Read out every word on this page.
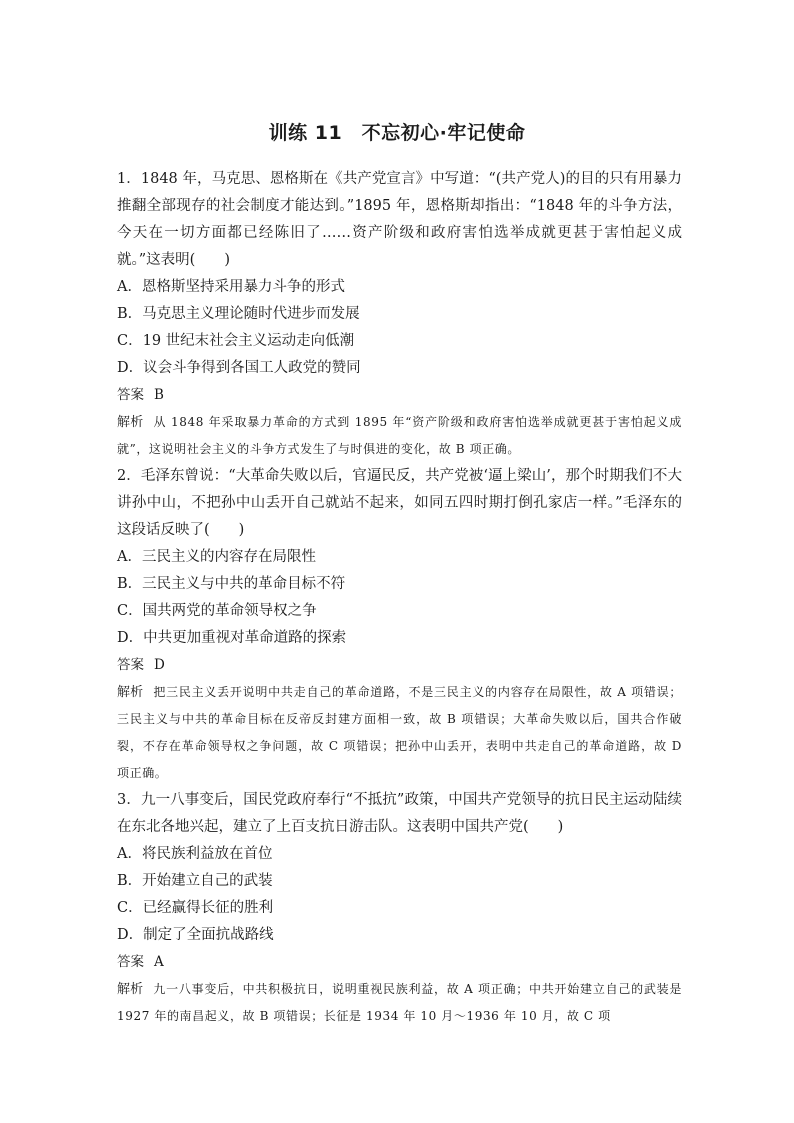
训练 11　不忘初心·牢记使命
1．1848 年，马克思、恩格斯在《共产党宣言》中写道：“(共产党人)的目的只有用暴力推翻全部现存的社会制度才能达到。”1895 年，恩格斯却指出：“1848 年的斗争方法，今天在一切方面都已经陈旧了……资产阶级和政府害怕选举成就更甚于害怕起义成就。”这表明(　　)
A．恩格斯坚持采用暴力斗争的形式
B．马克思主义理论随时代进步而发展
C．19 世纪末社会主义运动走向低潮
D．议会斗争得到各国工人政党的赞同
答案 B
解析 从 1848 年采取暴力革命的方式到 1895 年“资产阶级和政府害怕选举成就更甚于害怕起义成就”，这说明社会主义的斗争方式发生了与时俱进的变化，故 B 项正确。
2．毛泽东曾说：“大革命失败以后，官逼民反，共产党被‘逼上梁山’，那个时期我们不大讲孙中山，不把孙中山丢开自己就站不起来，如同五四时期打倒孔家店一样。”毛泽东的这段话反映了(　　)
A．三民主义的内容存在局限性
B．三民主义与中共的革命目标不符
C．国共两党的革命领导权之争
D．中共更加重视对革命道路的探索
答案 D
解析 把三民主义丢开说明中共走自己的革命道路，不是三民主义的内容存在局限性，故 A 项错误；三民主义与中共的革命目标在反帝反封建方面相一致，故 B 项错误；大革命失败以后，国共合作破裂，不存在革命领导权之争问题，故 C 项错误；把孙中山丢开，表明中共走自己的革命道路，故 D 项正确。
3．九一八事变后，国民党政府奉行“不抵抗”政策，中国共产党领导的抗日民主运动陆续在东北各地兴起，建立了上百支抗日游击队。这表明中国共产党(　　)
A．将民族利益放在首位
B．开始建立自己的武装
C．已经赢得长征的胜利
D．制定了全面抗战路线
答案 A
解析 九一八事变后，中共积极抗日，说明重视民族利益，故 A 项正确；中共开始建立自己的武装是 1927 年的南昌起义，故 B 项错误；长征是 1934 年 10 月～1936 年 10 月，故 C 项
